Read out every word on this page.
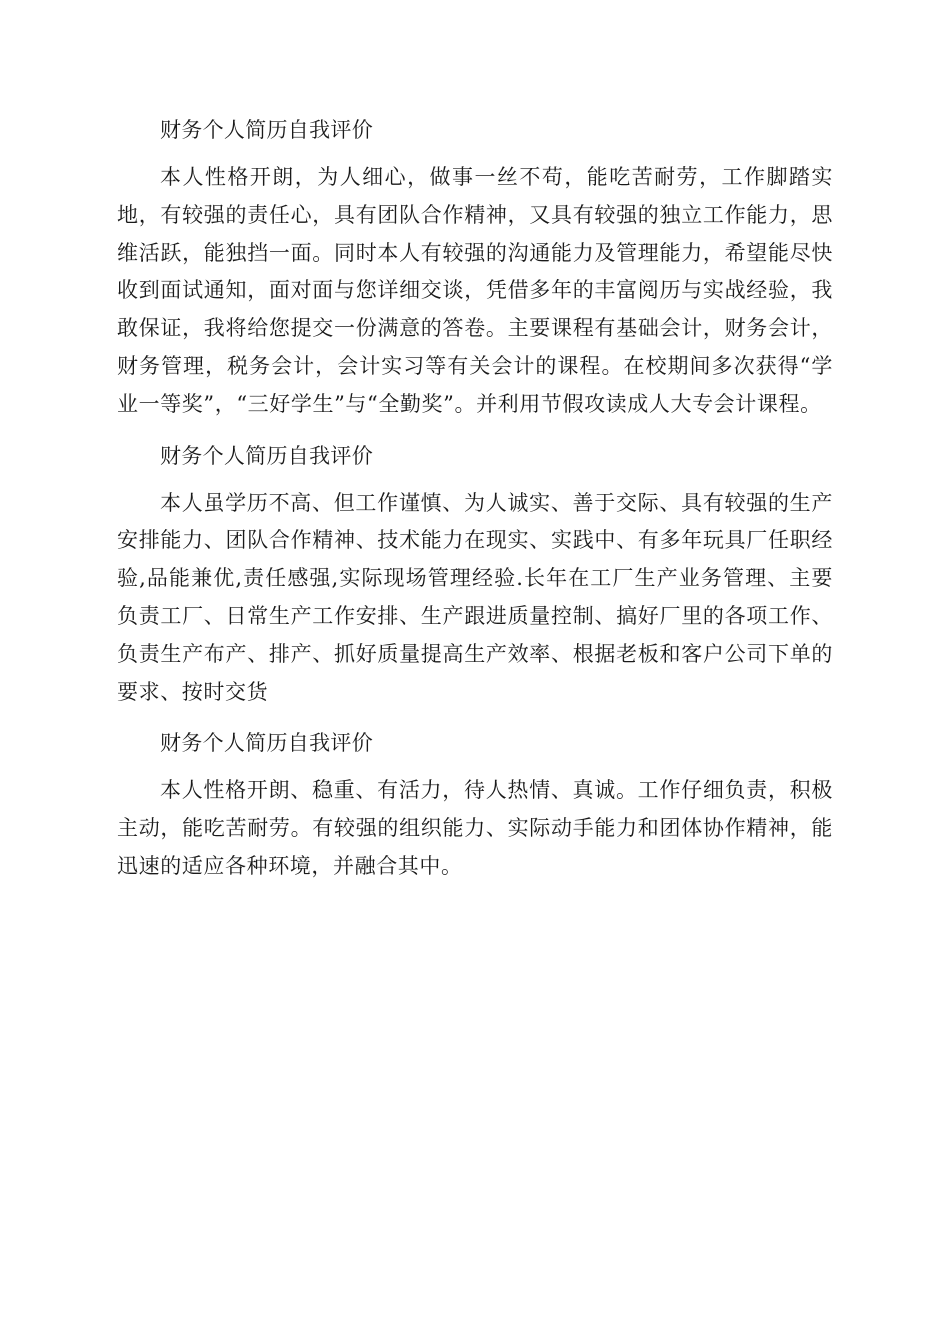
财务个人简历自我评价

本人性格开朗，为人细心，做事一丝不苟，能吃苦耐劳，工作脚踏实地，有较强的责任心，具有团队合作精神，又具有较强的独立工作能力，思维活跃，能独挡一面。同时本人有较强的沟通能力及管理能力，希望能尽快收到面试通知，面对面与您详细交谈，凭借多年的丰富阅历与实战经验，我敢保证，我将给您提交一份满意的答卷。主要课程有基础会计，财务会计，财务管理，税务会计，会计实习等有关会计的课程。在校期间多次获得“学业一等奖”，“三好学生”与“全勤奖”。并利用节假攻读成人大专会计课程。

财务个人简历自我评价

本人虽学历不高、但工作谨慎、为人诚实、善于交际、具有较强的生产安排能力、团队合作精神、技术能力在现实、实践中、有多年玩具厂任职经验,品能兼优,责任感强,实际现场管理经验.长年在工厂生产业务管理、主要负责工厂、日常生产工作安排、生产跟进质量控制、搞好厂里的各项工作、负责生产布产、排产、抓好质量提高生产效率、根据老板和客户公司下单的要求、按时交货

财务个人简历自我评价

本人性格开朗、稳重、有活力，待人热情、真诚。工作仔细负责，积极主动，能吃苦耐劳。有较强的组织能力、实际动手能力和团体协作精神，能迅速的适应各种环境，并融合其中。
